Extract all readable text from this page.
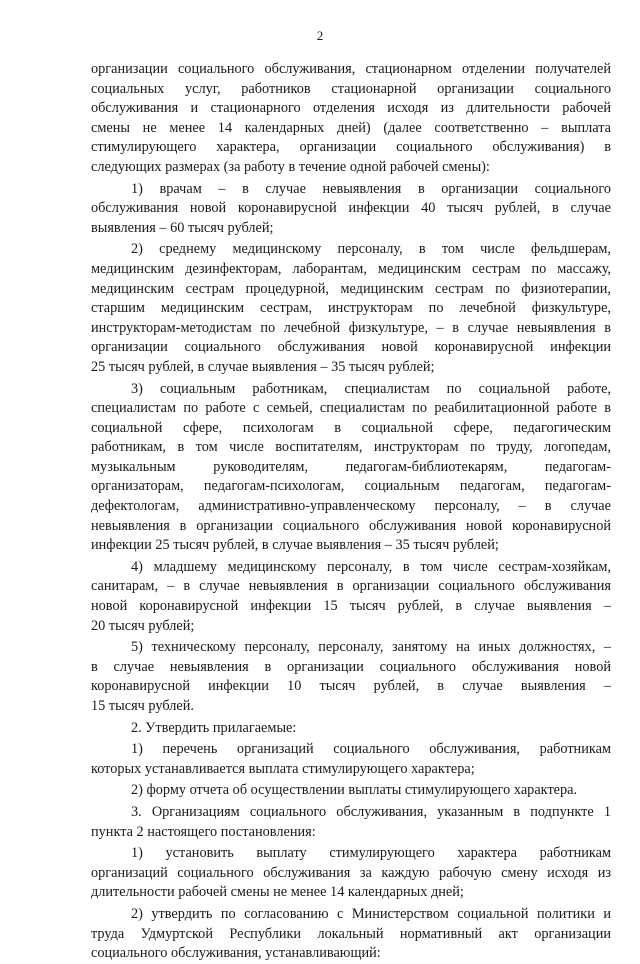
2
организации социального обслуживания, стационарном отделении получателей
социальных услуг, работников стационарной организации социального
обслуживания и стационарного отделения исходя из длительности рабочей
смены не менее 14 календарных дней) (далее соответственно – выплата
стимулирующего характера, организации социального обслуживания) в
следующих размерах (за работу в течение одной рабочей смены):
1) врачам – в случае невыявления в организации социального
обслуживания новой коронавирусной инфекции 40 тысяч рублей, в случае
выявления – 60 тысяч рублей;
2) среднему медицинскому персоналу, в том числе фельдшерам,
медицинским дезинфекторам, лаборантам, медицинским сестрам по массажу,
медицинским сестрам процедурной, медицинским сестрам по физиотерапии,
старшим медицинским сестрам, инструкторам по лечебной физкультуре,
инструкторам-методистам по лечебной физкультуре, – в случае невыявления в
организации социального обслуживания новой коронавирусной инфекции
25 тысяч рублей, в случае выявления – 35 тысяч рублей;
3) социальным работникам, специалистам по социальной работе,
специалистам по работе с семьей, специалистам по реабилитационной работе в
социальной сфере, психологам в социальной сфере, педагогическим
работникам, в том числе воспитателям, инструкторам по труду, логопедам,
музыкальным руководителям, педагогам-библиотекарям, педагогам-
организаторам, педагогам-психологам, социальным педагогам, педагогам-
дефектологам, административно-управленческому персоналу, – в случае
невыявления в организации социального обслуживания новой коронавирусной
инфекции 25 тысяч рублей, в случае выявления – 35 тысяч рублей;
4) младшему медицинскому персоналу, в том числе сестрам-хозяйкам,
санитарам, – в случае невыявления в организации социального обслуживания
новой коронавирусной инфекции 15 тысяч рублей, в случае выявления –
20 тысяч рублей;
5) техническому персоналу, персоналу, занятому на иных должностях, –
в случае невыявления в организации социального обслуживания новой
коронавирусной инфекции 10 тысяч рублей, в случае выявления –
15 тысяч рублей.
2. Утвердить прилагаемые:
1) перечень организаций социального обслуживания, работникам
которых устанавливается выплата стимулирующего характера;
2) форму отчета об осуществлении выплаты стимулирующего характера.
3. Организациям социального обслуживания, указанным в подпункте 1
пункта 2 настоящего постановления:
1) установить выплату стимулирующего характера работникам
организаций социального обслуживания за каждую рабочую смену исходя из
длительности рабочей смены не менее 14 календарных дней;
2) утвердить по согласованию с Министерством социальной политики и
труда Удмуртской Республики локальный нормативный акт организации
социального обслуживания, устанавливающий:
